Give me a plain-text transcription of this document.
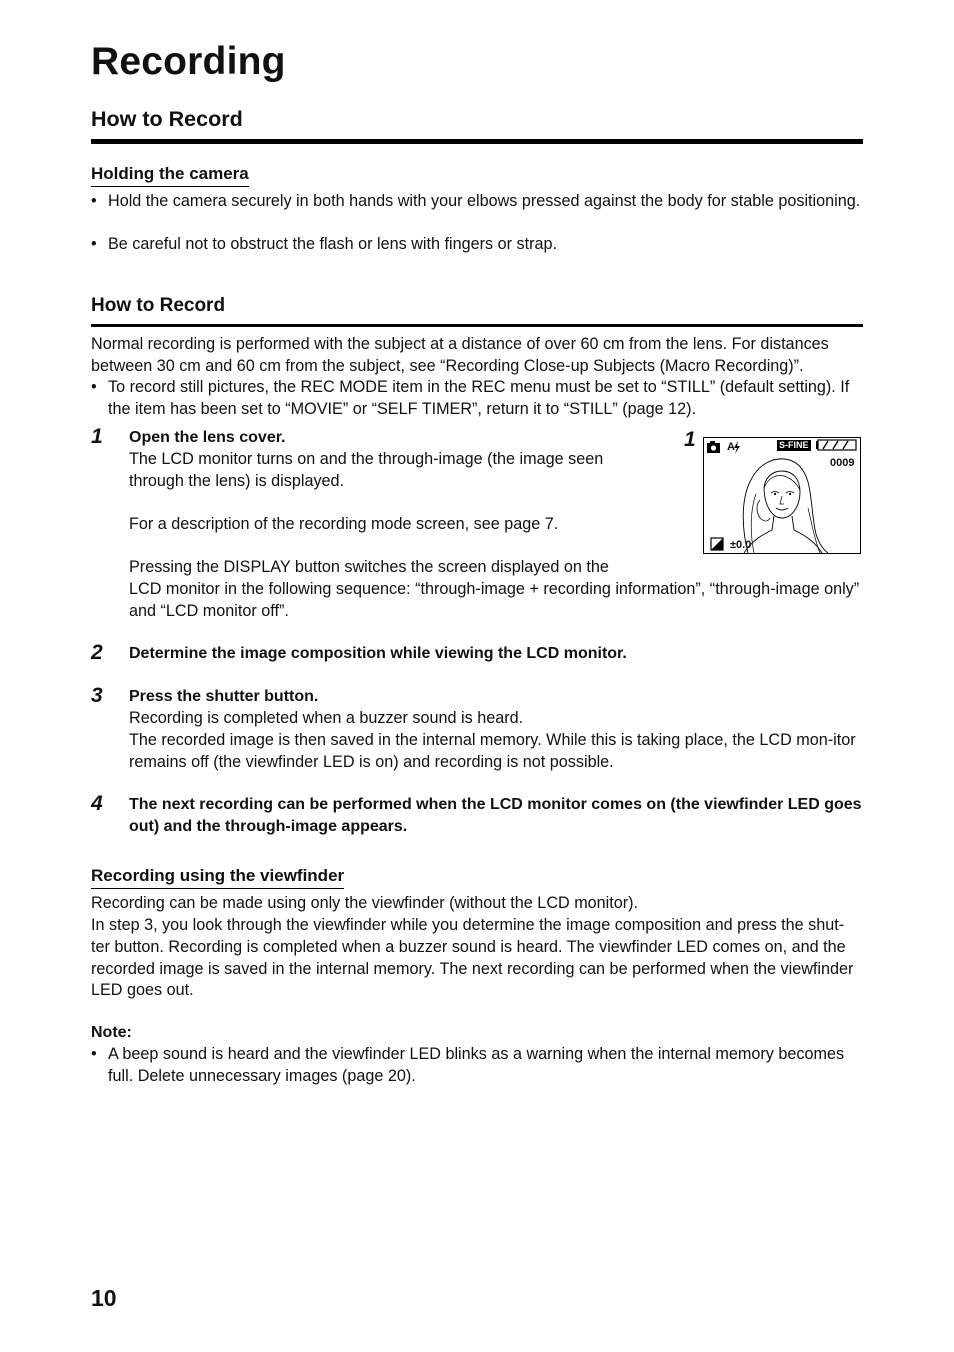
Recording
How to Record
Holding the camera
• Hold the camera securely in both hands with your elbows pressed against the body for stable positioning.
• Be careful not to obstruct the flash or lens with fingers or strap.
How to Record
Normal recording is performed with the subject at a distance of over 60 cm from the lens. For distances between 30 cm and 60 cm from the subject, see “Recording Close-up Subjects (Macro Recording)”.
• To record still pictures, the REC MODE item in the REC menu must be set to “STILL” (default setting). If the item has been set to “MOVIE” or “SELF TIMER”, return it to “STILL” (page 12).
1 Open the lens cover.
The LCD monitor turns on and the through-image (the image seen
through the lens) is displayed.
For a description of the recording mode screen, see page 7.
Pressing the DISPLAY button switches the screen displayed on the
LCD monitor in the following sequence: “through-image + recording information”, “through-image only” and “LCD monitor off”.
1	A	S-FINE
0009
±0.0
2 Determine the image composition while viewing the LCD monitor.
3 Press the shutter button.
Recording is completed when a buzzer sound is heard.
The recorded image is then saved in the internal memory. While this is taking place, the LCD mon-itor remains off (the viewfinder LED is on) and recording is not possible.
4 The next recording can be performed when the LCD monitor comes on (the viewfinder LED goes out) and the through-image appears.
Recording using the viewfinder
Recording can be made using only the viewfinder (without the LCD monitor).
In step 3, you look through the viewfinder while you determine the image composition and press the shut-ter button. Recording is completed when a buzzer sound is heard. The viewfinder LED comes on, and the recorded image is saved in the internal memory. The next recording can be performed when the viewfinder LED goes out.
Note:
• A beep sound is heard and the viewfinder LED blinks as a warning when the internal memory becomes full. Delete unnecessary images (page 20).
10
